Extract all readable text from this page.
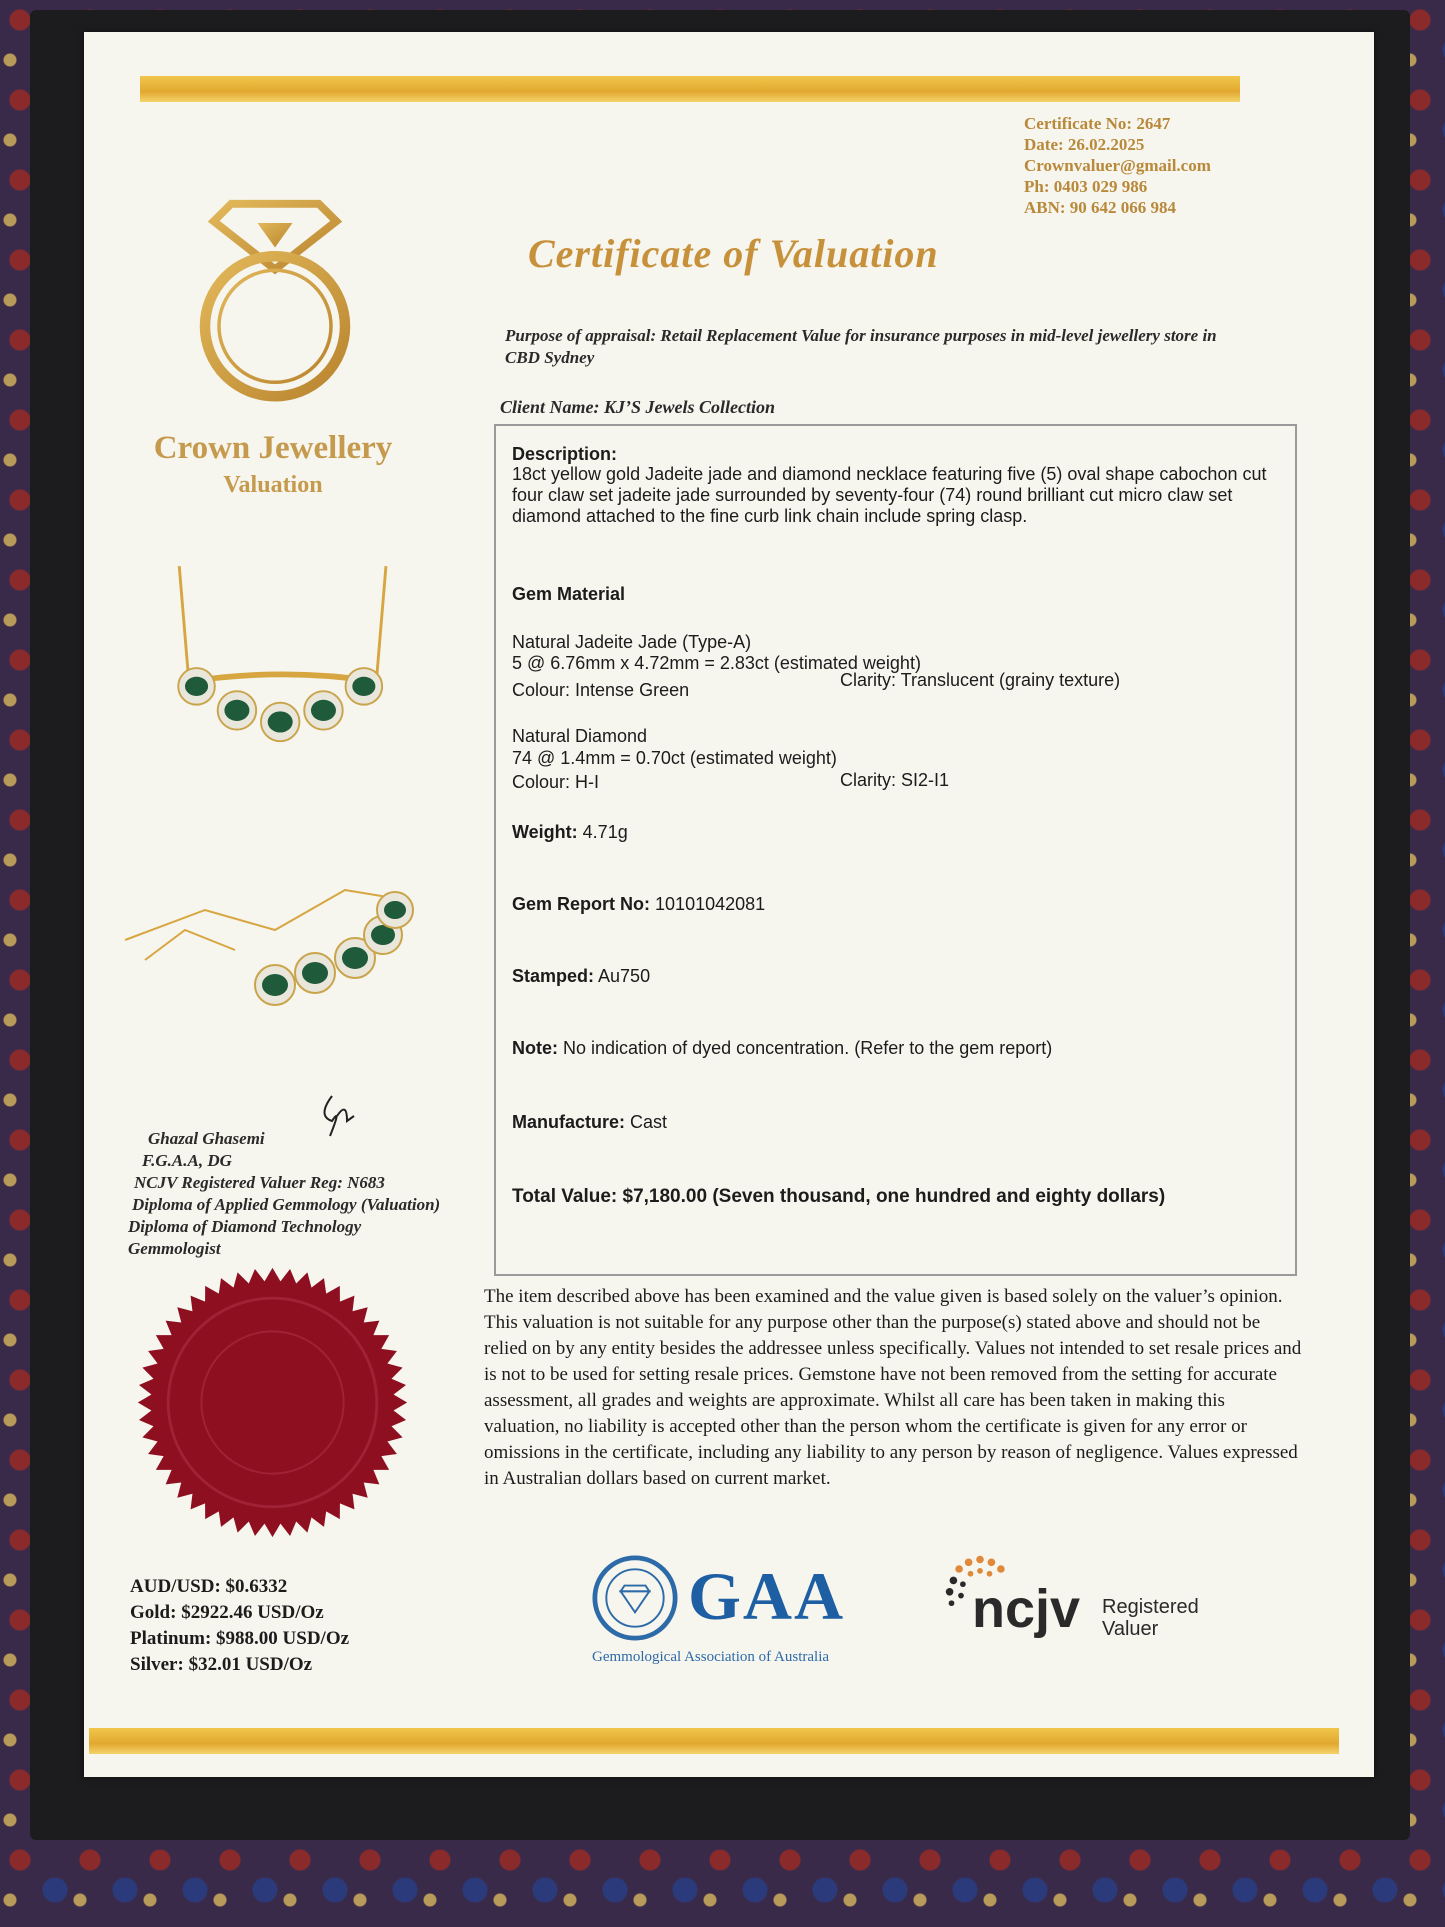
Certificate No: 2647
Date: 26.02.2025
Crownvaluer@gmail.com
Ph: 0403 029 986
ABN: 90 642 066 984
Certificate of Valuation
Crown Jewellery
Valuation
Purpose of appraisal: Retail Replacement Value for insurance purposes in mid-level jewellery store in CBD Sydney
Client Name: KJ’S Jewels Collection
Description:
18ct yellow gold Jadeite jade and diamond necklace featuring five (5) oval shape cabochon cut four claw set jadeite jade surrounded by seventy-four (74) round brilliant cut micro claw set diamond attached to the fine curb link chain include spring clasp.
Gem Material
Natural Jadeite Jade (Type-A)
5 @ 6.76mm x 4.72mm = 2.83ct (estimated weight)
Colour: Intense Green	Clarity: Translucent (grainy texture)
Natural Diamond
74 @ 1.4mm = 0.70ct (estimated weight)
Colour: H-I	Clarity: SI2-I1
Weight: 4.71g
Gem Report No: 10101042081
Stamped: Au750
Note: No indication of dyed concentration. (Refer to the gem report)
Manufacture: Cast
Total Value: $7,180.00 (Seven thousand, one hundred and eighty dollars)
Ghazal Ghasemi
F.G.A.A, DG
NCJV Registered Valuer Reg: N683
Diploma of Applied Gemmology (Valuation)
Diploma of Diamond Technology
Gemmologist
The item described above has been examined and the value given is based solely on the valuer’s opinion. This valuation is not suitable for any purpose other than the purpose(s) stated above and should not be relied on by any entity besides the addressee unless specifically. Values not intended to set resale prices and is not to be used for setting resale prices. Gemstone have not been removed from the setting for accurate assessment, all grades and weights are approximate. Whilst all care has been taken in making this valuation, no liability is accepted other than the person whom the certificate is given for any error or omissions in the certificate, including any liability to any person by reason of negligence. Values expressed in Australian dollars based on current market.
AUD/USD: $0.6332
Gold: $2922.46 USD/Oz
Platinum: $988.00 USD/Oz
Silver: $32.01 USD/Oz
GAA
Gemmological Association of Australia
ncjv Registered
Valuer
